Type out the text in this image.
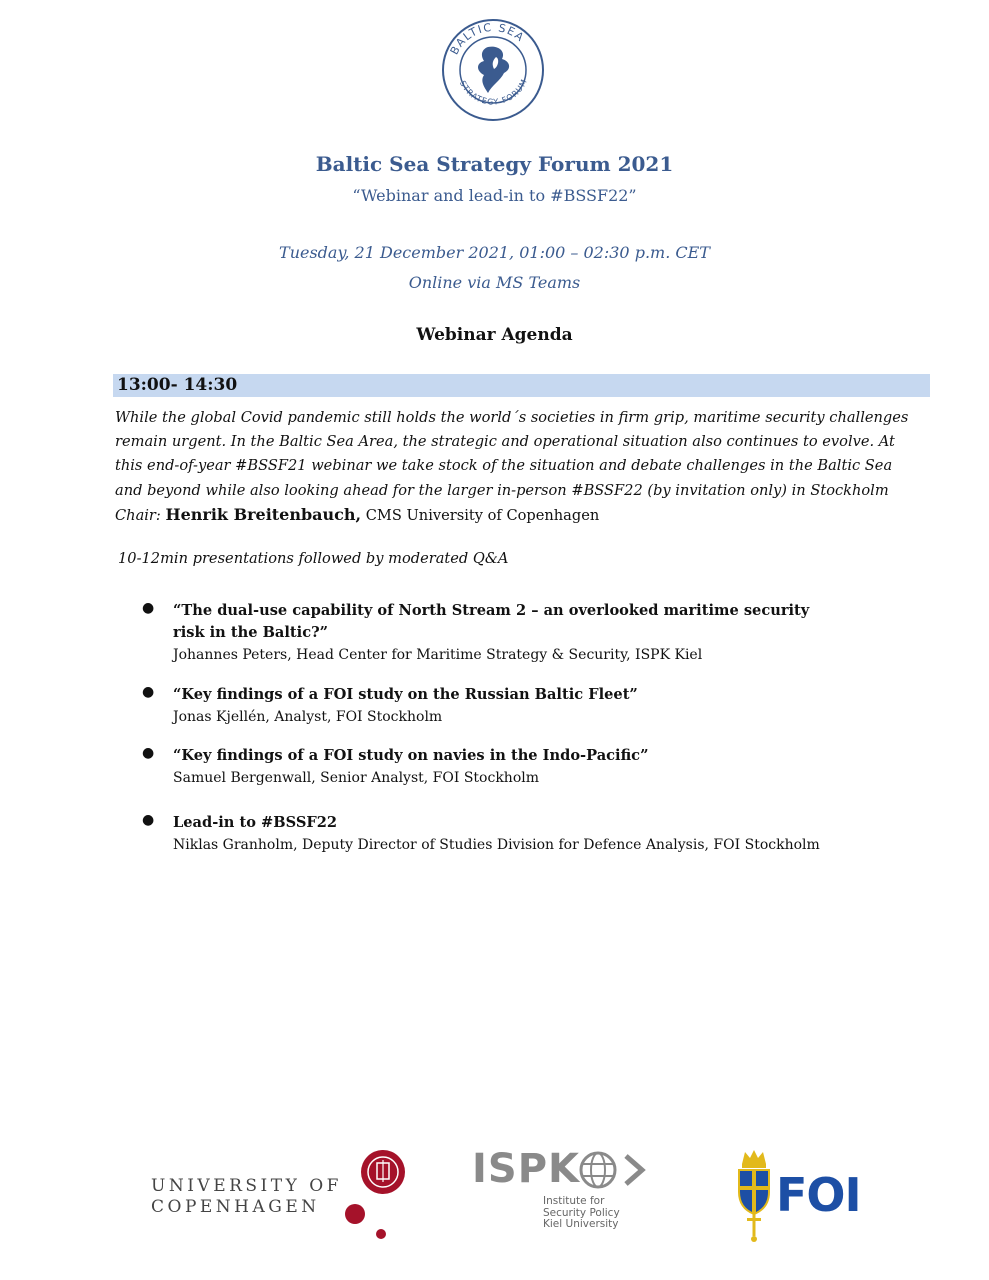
BALTIC SEA
STRATEGY FORUM
Baltic Sea Strategy Forum 2021
“Webinar and lead-in to #BSSF22”
Tuesday, 21 December 2021, 01:00 – 02:30 p.m. CET
Online via MS Teams
Webinar Agenda
13:00- 14:30
While the global Covid pandemic still holds the world´s societies in firm grip, maritime security challenges remain urgent. In the Baltic Sea Area, the strategic and operational situation also continues to evolve. At this end-of-year #BSSF21 webinar we take stock of the situation and debate challenges in the Baltic Sea and beyond while also looking ahead for the larger in-person #BSSF22 (by invitation only) in Stockholm
Chair: Henrik Breitenbauch, CMS University of Copenhagen
10-12min presentations followed by moderated Q&A
● “The dual-use capability of North Stream 2 – an overlooked maritime security risk in the Baltic?”
Johannes Peters, Head Center for Maritime Strategy & Security, ISPK Kiel
● “Key findings of a FOI study on the Russian Baltic Fleet”
Jonas Kjellén, Analyst, FOI Stockholm
● “Key findings of a FOI study on navies in the Indo-Pacific”
Samuel Bergenwall, Senior Analyst, FOI Stockholm
● Lead-in to #BSSF22
Niklas Granholm, Deputy Director of Studies Division for Defence Analysis, FOI Stockholm
UNIVERSITY OF
COPENHAGEN
ISPK
Institute for
Security Policy
Kiel University
FOI
